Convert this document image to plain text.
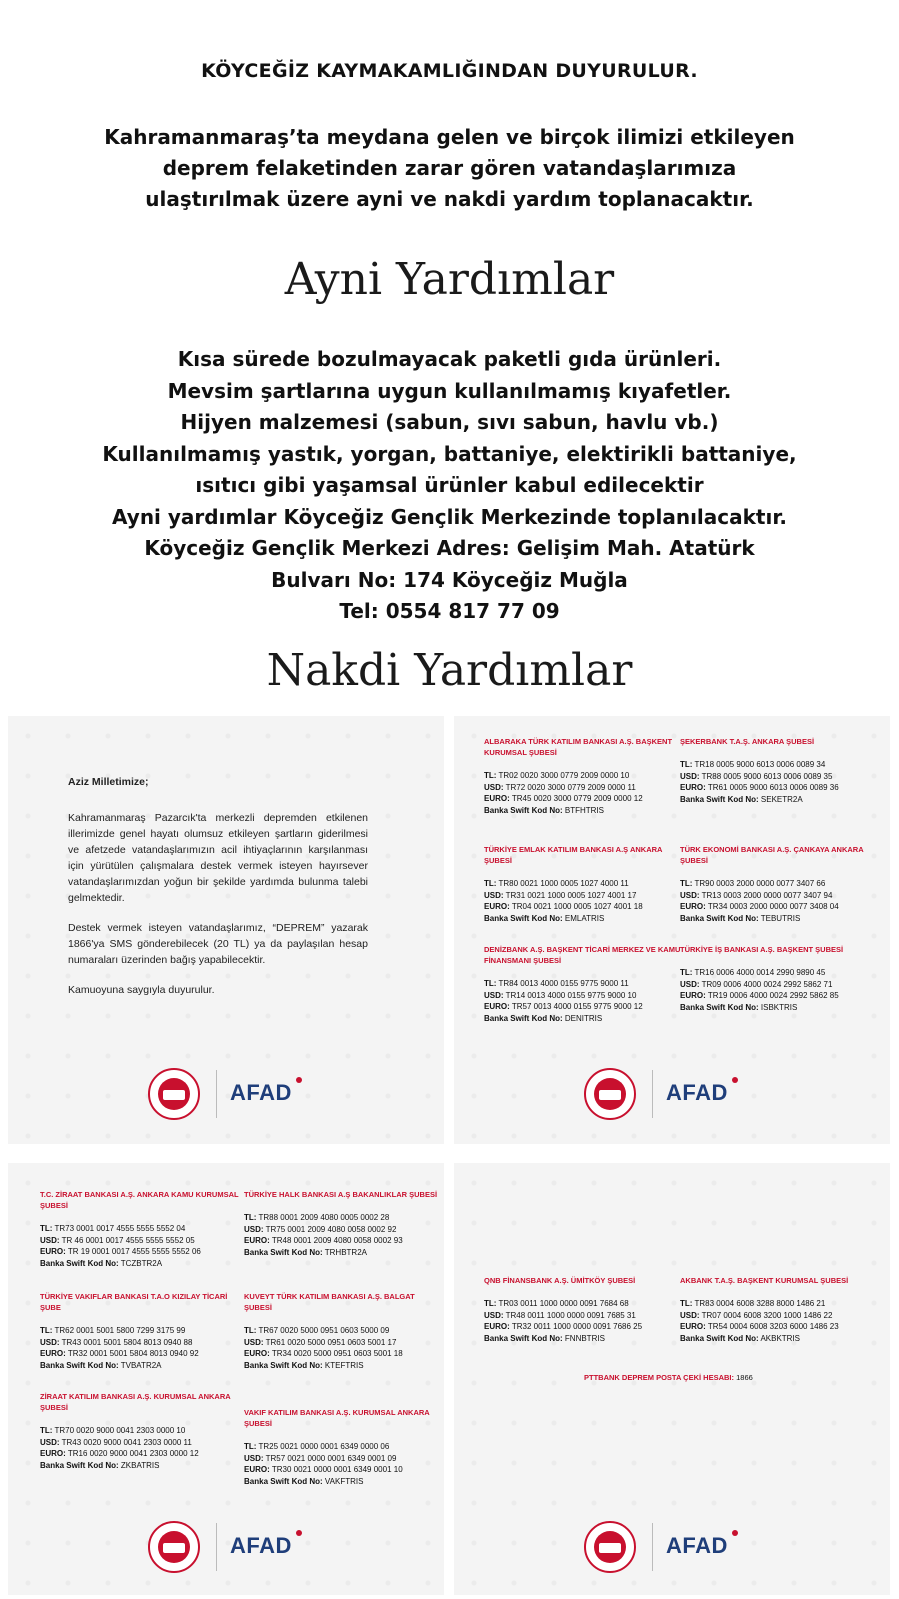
KÖYCEĞİZ KAYMAKAMLIĞINDAN DUYURULUR.
Kahramanmaraş’ta meydana gelen ve birçok ilimizi etkileyen
deprem felaketinden zarar gören vatandaşlarımıza
ulaştırılmak üzere ayni ve nakdi yardım toplanacaktır.
Ayni Yardımlar
Kısa sürede bozulmayacak paketli gıda ürünleri.
Mevsim şartlarına uygun kullanılmamış kıyafetler.
Hijyen malzemesi (sabun, sıvı sabun, havlu vb.)
Kullanılmamış yastık, yorgan, battaniye, elektirikli battaniye,
ısıtıcı gibi yaşamsal ürünler kabul edilecektir
Ayni yardımlar Köyceğiz Gençlik Merkezinde toplanılacaktır.
Köyceğiz Gençlik Merkezi Adres: Gelişim Mah. Atatürk
Bulvarı No: 174 Köyceğiz Muğla
Tel: 0554 817 77 09
Nakdi Yardımlar
Aziz Milletimize;

Kahramanmaraş Pazarcık'ta merkezli depremden etkilenen illerimizde genel hayatı olumsuz etkileyen şartların giderilmesi ve afetzede vatandaşlarımızın acil ihtiyaçlarının karşılanması için yürütülen çalışmalara destek vermek isteyen hayırsever vatandaşlarımızdan yoğun bir şekilde yardımda bulunma talebi gelmektedir.

Destek vermek isteyen vatandaşlarımız, “DEPREM” yazarak 1866'ya SMS gönderebilecek (20 TL) ya da paylaşılan hesap numaraları üzerinden bağış yapabilecektir.

Kamuoyuna saygıyla duyurulur.

AFAD
ALBARAKA TÜRK KATILIM BANKASI A.Ş. BAŞKENT KURUMSAL ŞUBESİ
TL: TR02 0020 3000 0779 2009 0000 10
USD: TR72 0020 3000 0779 2009 0000 11
EURO: TR45 0020 3000 0779 2009 0000 12
Banka Swift Kod No: BTFHTRIS
ŞEKERBANK T.A.Ş. ANKARA ŞUBESİ
TL: TR18 0005 9000 6013 0006 0089 34
USD: TR88 0005 9000 6013 0006 0089 35
EURO: TR61 0005 9000 6013 0006 0089 36
Banka Swift Kod No: SEKETR2A
TÜRKİYE EMLAK KATILIM BANKASI A.Ş ANKARA ŞUBESİ
TL: TR80 0021 1000 0005 1027 4000 11
USD: TR31 0021 1000 0005 1027 4001 17
EURO: TR04 0021 1000 0005 1027 4001 18
Banka Swift Kod No: EMLATRIS
TÜRK EKONOMİ BANKASI A.Ş. ÇANKAYA ANKARA ŞUBESİ
TL: TR90 0003 2000 0000 0077 3407 66
USD: TR13 0003 2000 0000 0077 3407 94
EURO: TR34 0003 2000 0000 0077 3408 04
Banka Swift Kod No: TEBUTRIS
DENİZBANK A.Ş. BAŞKENT TİCARİ MERKEZ VE KAMU FİNANSMANI ŞUBESİ
TL: TR84 0013 4000 0155 9775 9000 11
USD: TR14 0013 4000 0155 9775 9000 10
EURO: TR57 0013 4000 0155 9775 9000 12
Banka Swift Kod No: DENITRIS
TÜRKİYE İŞ BANKASI A.Ş. BAŞKENT ŞUBESİ
TL: TR16 0006 4000 0014 2990 9890 45
USD: TR09 0006 4000 0024 2992 5862 71
EURO: TR19 0006 4000 0024 2992 5862 85
Banka Swift Kod No: ISBKTRIS
AFAD
T.C. ZİRAAT BANKASI A.Ş. ANKARA KAMU KURUMSAL ŞUBESİ
TL: TR73 0001 0017 4555 5555 5552 04
USD: TR 46 0001 0017 4555 5555 5552 05
EURO: TR 19 0001 0017 4555 5555 5552 06
Banka Swift Kod No: TCZBTR2A
TÜRKİYE HALK BANKASI A.Ş BAKANLIKLAR ŞUBESİ
TL: TR88 0001 2009 4080 0005 0002 28
USD: TR75 0001 2009 4080 0058 0002 92
EURO: TR48 0001 2009 4080 0058 0002 93
Banka Swift Kod No: TRHBTR2A
TÜRKİYE VAKIFLAR BANKASI T.A.O KIZILAY TİCARİ ŞUBE
TL: TR62 0001 5001 5800 7299 3175 99
USD: TR43 0001 5001 5804 8013 0940 88
EURO: TR32 0001 5001 5804 8013 0940 92
Banka Swift Kod No: TVBATR2A
KUVEYT TÜRK KATILIM BANKASI A.Ş. BALGAT ŞUBESİ
TL: TR67 0020 5000 0951 0603 5000 09
USD: TR61 0020 5000 0951 0603 5001 17
EURO: TR34 0020 5000 0951 0603 5001 18
Banka Swift Kod No: KTEFTRIS
ZİRAAT KATILIM BANKASI A.Ş. KURUMSAL ANKARA ŞUBESİ
TL: TR70 0020 9000 0041 2303 0000 10
USD: TR43 0020 9000 0041 2303 0000 11
EURO: TR16 0020 9000 0041 2303 0000 12
Banka Swift Kod No: ZKBATRIS
VAKIF KATILIM BANKASI A.Ş. KURUMSAL ANKARA ŞUBESİ
TL: TR25 0021 0000 0001 6349 0000 06
USD: TR57 0021 0000 0001 6349 0001 09
EURO: TR30 0021 0000 0001 6349 0001 10
Banka Swift Kod No: VAKFTRIS
AFAD
QNB FİNANSBANK A.Ş. ÜMİTKÖY ŞUBESİ
TL: TR03 0011 1000 0000 0091 7684 68
USD: TR48 0011 1000 0000 0091 7685 31
EURO: TR32 0011 1000 0000 0091 7686 25
Banka Swift Kod No: FNNBTRIS
AKBANK T.A.Ş. BAŞKENT KURUMSAL ŞUBESİ
TL: TR83 0004 6008 3288 8000 1486 21
USD: TR07 0004 6008 3200 1000 1486 22
EURO: TR54 0004 6008 3203 6000 1486 23
Banka Swift Kod No: AKBKTRIS
PTTBANK DEPREM POSTA ÇEKİ HESABI: 1866
AFAD
